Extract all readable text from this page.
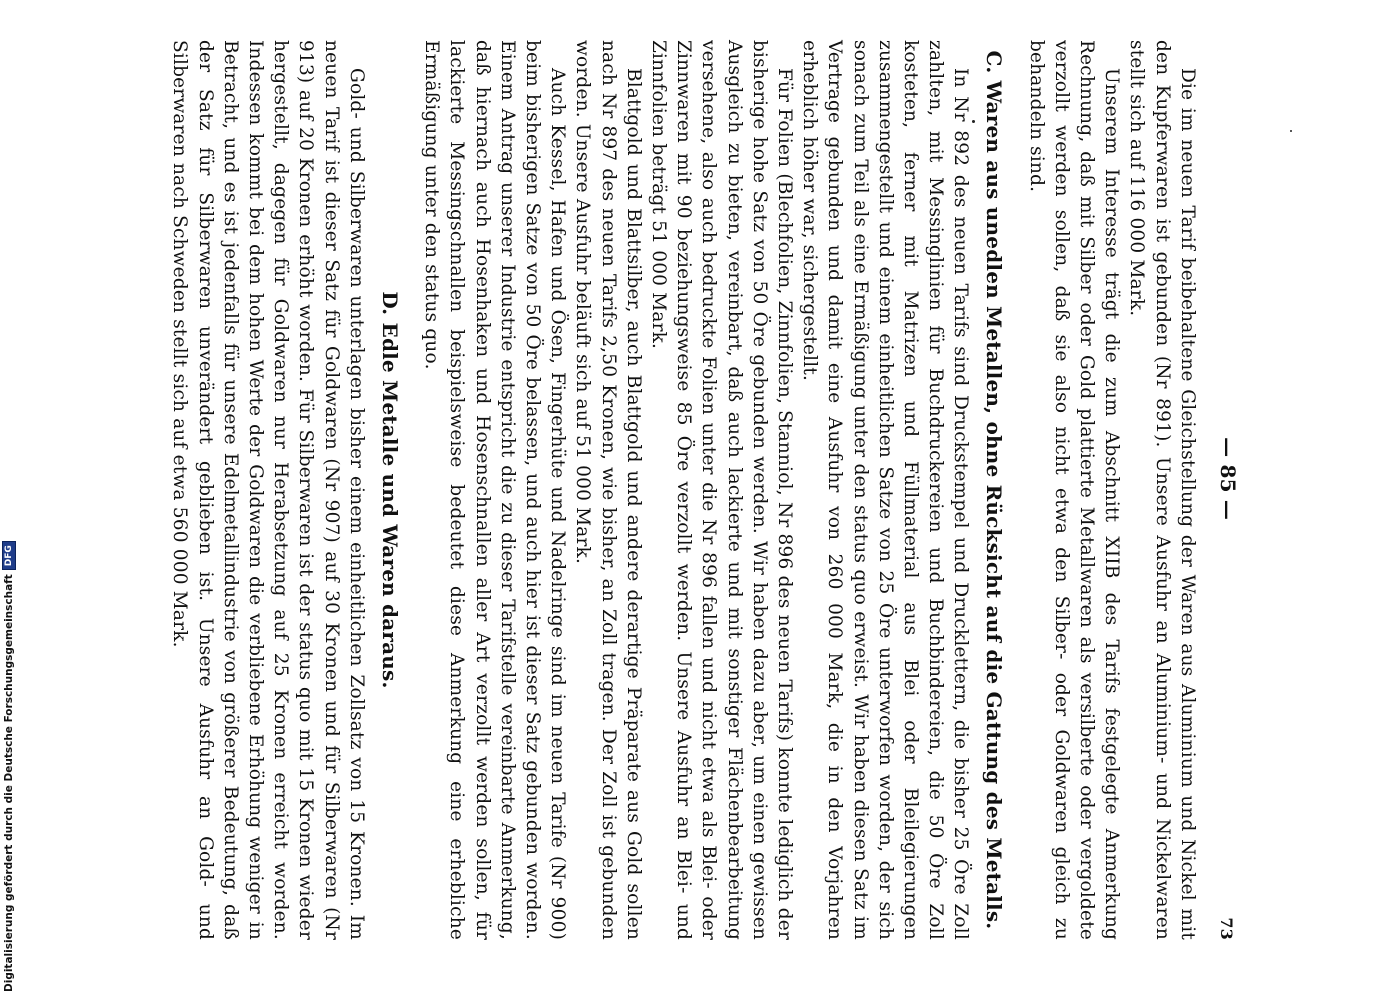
— 85 —
73

Die im neuen Tarif beibehaltene Gleichstellung der Waren aus Aluminium und Nickel mit den Kupferwaren ist gebunden (Nr 891). Unsere Ausfuhr an Aluminium- und Nickelwaren stellt sich auf 116 000 Mark.

Unserem Interesse trägt die zum Abschnitt XIIB des Tarifs festgelegte Anmerkung Rechnung, daß mit Silber oder Gold plattierte Metallwaren als versilberte oder vergoldete verzollt werden sollen, daß sie also nicht etwa den Silber- oder Goldwaren gleich zu behandeln sind.

C. Waren aus unedlen Metallen, ohne Rücksicht auf die Gattung des Metalls.

In Nr 892 des neuen Tarifs sind Druckstempel und Drucklettern, die bisher 25 Öre Zoll zahlten, mit Messinglinien für Buchdruckereien und Buchbindereien, die 50 Öre Zoll kosteten, ferner mit Matrizen und Füllmaterial aus Blei oder Bleilegierungen zusammengestellt und einem einheitlichen Satze von 25 Öre unterworfen worden, der sich sonach zum Teil als eine Ermäßigung unter den status quo erweist. Wir haben diesen Satz im Vertrage gebunden und damit eine Ausfuhr von 260 000 Mark, die in den Vorjahren erheblich höher war, sichergestellt.

Für Folien (Blechfolien, Zinnfolien, Stanniol, Nr 896 des neuen Tarifs) konnte lediglich der bisherige hohe Satz von 50 Öre gebunden werden. Wir haben dazu aber, um einen gewissen Ausgleich zu bieten, vereinbart, daß auch lackierte und mit sonstiger Flächenbearbeitung versehene, also auch bedruckte Folien unter die Nr 896 fallen und nicht etwa als Blei- oder Zinnwaren mit 90 beziehungsweise 85 Öre verzollt werden. Unsere Ausfuhr an Blei- und Zinnfolien beträgt 51 000 Mark.

Blattgold und Blattsilber, auch Blattgold und andere derartige Präparate aus Gold sollen nach Nr 897 des neuen Tarifs 2,50 Kronen, wie bisher, an Zoll tragen. Der Zoll ist gebunden worden. Unsere Ausfuhr beläuft sich auf 51 000 Mark.

Auch Kessel, Hafen und Ösen, Fingerhüte und Nadelringe sind im neuen Tarife (Nr 900) beim bisherigen Satze von 50 Öre belassen, und auch hier ist dieser Satz gebunden worden. Einem Antrag unserer Industrie entspricht die zu dieser Tarifstelle vereinbarte Anmerkung, daß hiernach auch Hosenhaken und Hosenschnallen aller Art verzollt werden sollen, für lackierte Messingschnallen beispielsweise bedeutet diese Anmerkung eine erhebliche Ermäßigung unter den status quo.

D. Edle Metalle und Waren daraus.

Gold- und Silberwaren unterlagen bisher einem einheitlichen Zollsatz von 15 Kronen. Im neuen Tarif ist dieser Satz für Goldwaren (Nr 907) auf 30 Kronen und für Silberwaren (Nr 913) auf 20 Kronen erhöht worden. Für Silberwaren ist der status quo mit 15 Kronen wieder hergestellt, dagegen für Goldwaren nur Herabsetzung auf 25 Kronen erreicht worden. Indessen kommt bei dem hohen Werte der Goldwaren die verbliebene Erhöhung weniger in Betracht, und es ist jedenfalls für unsere Edelmetallindustrie von größerer Bedeutung, daß der Satz für Silberwaren unverändert geblieben ist. Unsere Ausfuhr an Gold- und Silberwaren nach Schweden stellt sich auf etwa 560 000 Mark.

Digitalisierung gefördert durch die Deutsche Forschungsgemeinschaft
DFG
